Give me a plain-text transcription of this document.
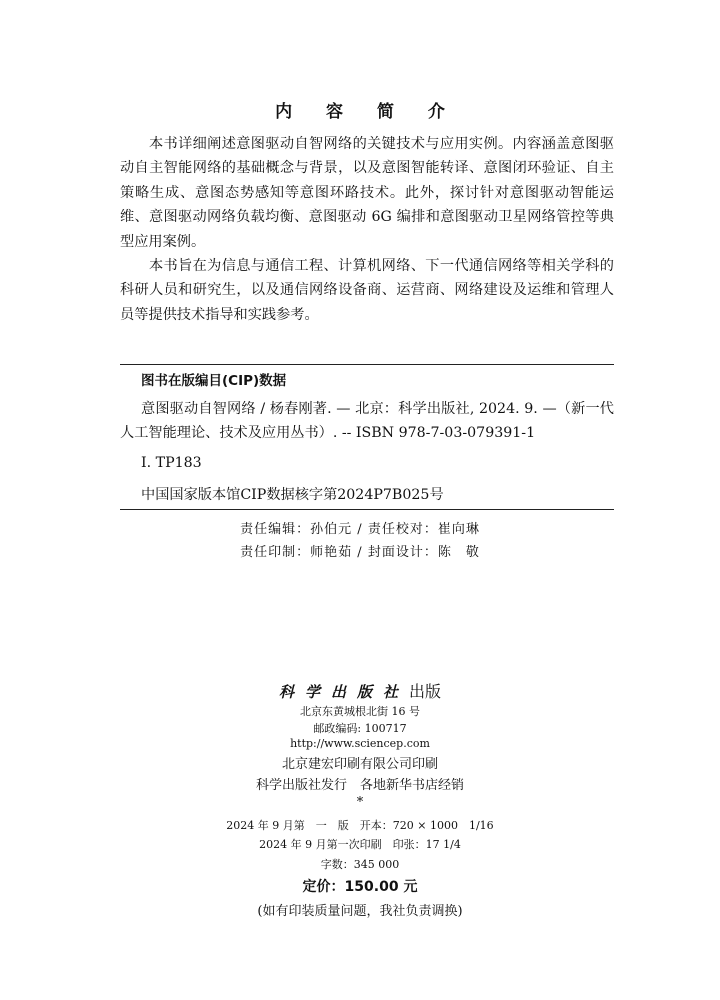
内 容 简 介

本书详细阐述意图驱动自智网络的关键技术与应用实例。内容涵盖意图驱动自主智能网络的基础概念与背景，以及意图智能转译、意图闭环验证、自主策略生成、意图态势感知等意图环路技术。此外，探讨针对意图驱动智能运维、意图驱动网络负载均衡、意图驱动 6G 编排和意图驱动卫星网络管控等典型应用案例。

本书旨在为信息与通信工程、计算机网络、下一代通信网络等相关学科的科研人员和研究生，以及通信网络设备商、运营商、网络建设及运维和管理人员等提供技术指导和实践参考。

图书在版编目(CIP)数据

意图驱动自智网络 / 杨春刚著. — 北京：科学出版社, 2024. 9. —（新一代人工智能理论、技术及应用丛书）. -- ISBN 978-7-03-079391-1

Ⅰ. TP183
中国国家版本馆CIP数据核字第2024P7B025号
责任编辑：孙伯元 / 责任校对：崔向琳
责任印制：师艳茹 / 封面设计：陈　敬
科学出版社出版
北京东黄城根北街 16 号
邮政编码: 100717
http://www.sciencep.com
北京建宏印刷有限公司印刷
科学出版社发行　各地新华书店经销
*
2024 年 9 月第　一　版　开本：720 × 1000　1/16
2024 年 9 月第一次印刷　印张：17 1/4
字数：345 000
定价：150.00 元
(如有印装质量问题，我社负责调换)
